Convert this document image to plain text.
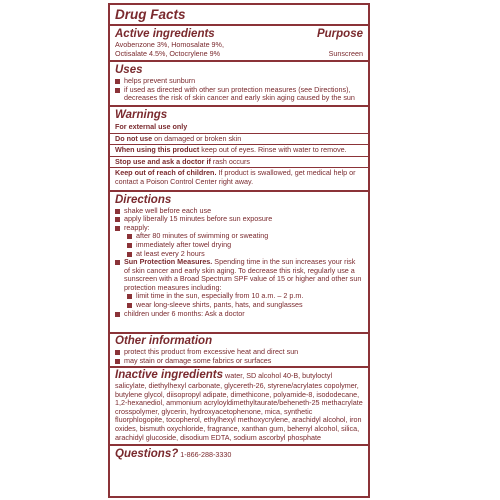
Drug Facts
Active ingredients	Purpose
Avobenzone 3%, Homosalate 9%,
Octisalate 4.5%, Octocrylene 9%	Sunscreen
Uses
helps prevent sunburn
if used as directed with other sun protection measures (see Directions), decreases the risk of skin cancer and early skin aging caused by the sun
Warnings
For external use only
Do not use on damaged or broken skin
When using this product keep out of eyes. Rinse with water to remove.
Stop use and ask a doctor if rash occurs
Keep out of reach of children. If product is swallowed, get medical help or contact a Poison Control Center right away.
Directions
shake well before each use
apply liberally 15 minutes before sun exposure
reapply:
after 80 minutes of swimming or sweating
immediately after towel drying
at least every 2 hours
Sun Protection Measures. Spending time in the sun increases your risk of skin cancer and early skin aging. To decrease this risk, regularly use a sunscreen with a Broad Spectrum SPF value of 15 or higher and other sun protection measures including:
limit time in the sun, especially from 10 a.m. – 2 p.m.
wear long-sleeve shirts, pants, hats, and sunglasses
children under 6 months: Ask a doctor
Other information
protect this product from excessive heat and direct sun
may stain or damage some fabrics or surfaces
Inactive ingredients water, SD alcohol 40-B, butyloctyl salicylate, diethylhexyl carbonate, glycereth-26, styrene/acrylates copolymer, butylene glycol, diisopropyl adipate, dimethicone, polyamide-8, isododecane, 1,2-hexanediol, ammonium acryloyldimethyltaurate/beheneth-25 methacrylate crosspolymer, glycerin, hydroxyacetophenone, mica, synthetic fluorphlogopite, tocopherol, ethylhexyl methoxycrylene, arachidyl alcohol, iron oxides, bismuth oxychloride, fragrance, xanthan gum, behenyl alcohol, silica, arachidyl glucoside, disodium EDTA, sodium ascorbyl phosphate
Questions? 1-866-288-3330
